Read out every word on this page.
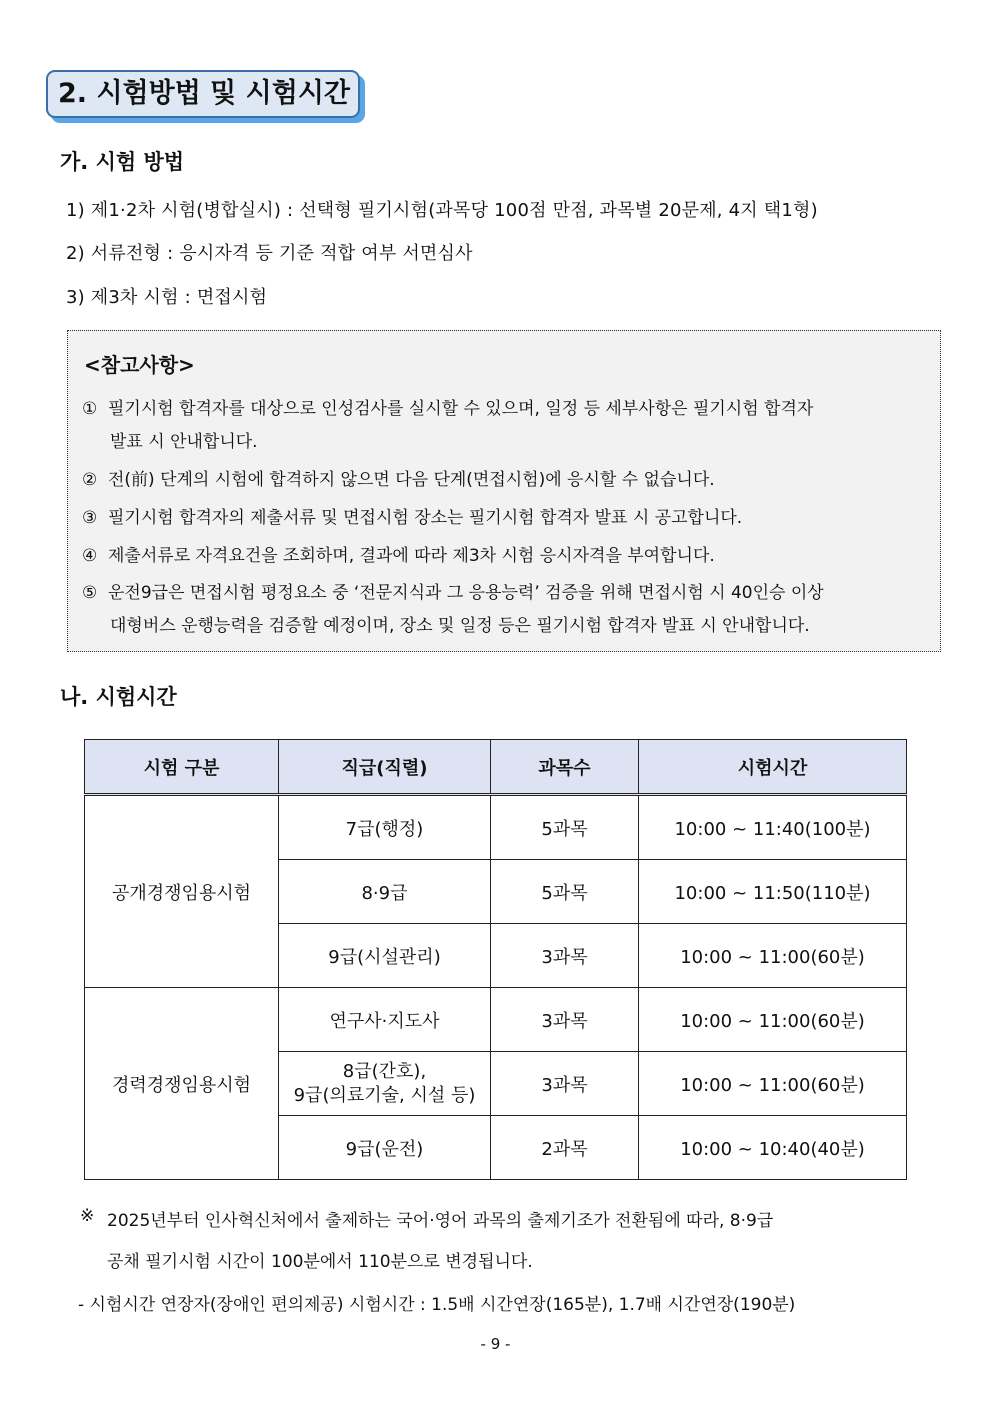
2. 시험방법 및 시험시간
가. 시험 방법
1) 제1·2차 시험(병합실시) : 선택형 필기시험(과목당 100점 만점, 과목별 20문제, 4지 택1형)
2) 서류전형 : 응시자격 등 기준 적합 여부 서면심사
3) 제3차 시험 : 면접시험
<참고사항>
① 필기시험 합격자를 대상으로 인성검사를 실시할 수 있으며, 일정 등 세부사항은 필기시험 합격자
발표 시 안내합니다.
② 전(前) 단계의 시험에 합격하지 않으면 다음 단계(면접시험)에 응시할 수 없습니다.
③ 필기시험 합격자의 제출서류 및 면접시험 장소는 필기시험 합격자 발표 시 공고합니다.
④ 제출서류로 자격요건을 조회하며, 결과에 따라 제3차 시험 응시자격을 부여합니다.
⑤ 운전9급은 면접시험 평정요소 중 ‘전문지식과 그 응용능력’ 검증을 위해 면접시험 시 40인승 이상
대형버스 운행능력을 검증할 예정이며, 장소 및 일정 등은 필기시험 합격자 발표 시 안내합니다.
나. 시험시간
시험 구분	직급(직렬)	과목수	시험시간
공개경쟁임용시험	7급(행정)	5과목	10:00 ~ 11:40(100분)
	8·9급	5과목	10:00 ~ 11:50(110분)
	9급(시설관리)	3과목	10:00 ~ 11:00(60분)
경력경쟁임용시험	연구사·지도사	3과목	10:00 ~ 11:00(60분)

	8급(간호),
9급(의료기술, 시설 등)	3과목	10:00 ~ 11:00(60분)
	9급(운전)	2과목	10:00 ~ 10:40(40분)
※ 2025년부터 인사혁신처에서 출제하는 국어·영어 과목의 출제기조가 전환됨에 따라, 8·9급
공채 필기시험 시간이 100분에서 110분으로 변경됩니다.
- 시험시간 연장자(장애인 편의제공) 시험시간 : 1.5배 시간연장(165분), 1.7배 시간연장(190분)
- 9 -
